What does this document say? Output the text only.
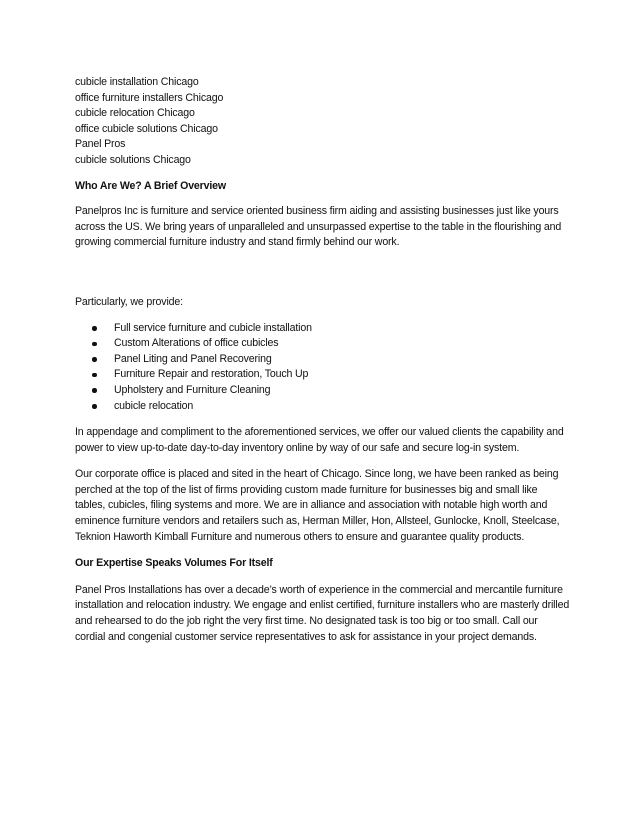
cubicle installation Chicago
office furniture installers Chicago
cubicle relocation Chicago
office cubicle solutions Chicago
Panel Pros
cubicle solutions Chicago
Who Are We? A Brief Overview

Panelpros Inc is furniture and service oriented business firm aiding and assisting businesses just like yours across the US. We bring years of unparalleled and unsurpassed expertise to the table in the flourishing and growing commercial furniture industry and stand firmly behind our work.

Particularly, we provide:

Full service furniture and cubicle installation
Custom Alterations of office cubicles
Panel Liting and Panel Recovering
Furniture Repair and restoration, Touch Up
Upholstery and Furniture Cleaning
cubicle relocation

In appendage and compliment to the aforementioned services, we offer our valued clients the capability and power to view up-to-date day-to-day inventory online by way of our safe and secure log-in system.

Our corporate office is placed and sited in the heart of Chicago. Since long, we have been ranked as being perched at the top of the list of firms providing custom made furniture for businesses big and small like tables, cubicles, filing systems and more. We are in alliance and association with notable high worth and eminence furniture vendors and retailers such as, Herman Miller, Hon, Allsteel, Gunlocke, Knoll, Steelcase, Teknion Haworth Kimball Furniture and numerous others to ensure and guarantee quality products.

Our Expertise Speaks Volumes For Itself

Panel Pros Installations has over a decade’s worth of experience in the commercial and mercantile furniture installation and relocation industry. We engage and enlist certified, furniture installers who are masterly drilled and rehearsed to do the job right the very first time. No designated task is too big or too small. Call our cordial and congenial customer service representatives to ask for assistance in your project demands.
